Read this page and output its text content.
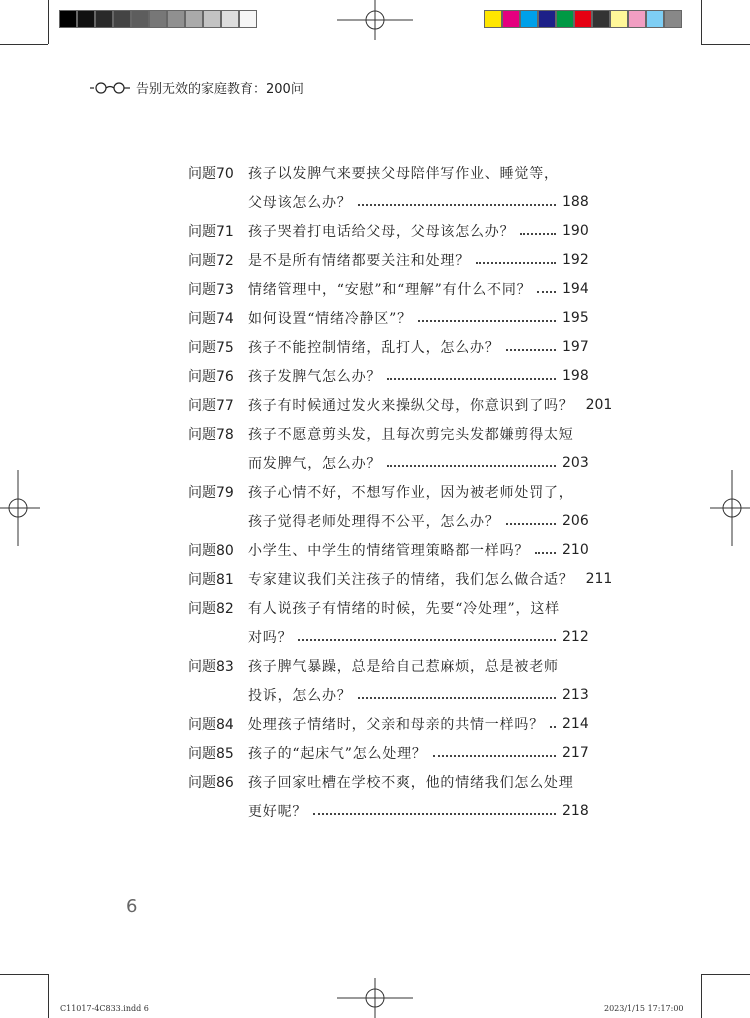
告别无效的家庭教育：200问
问题70	孩子以发脾气来要挟父母陪伴写作业、睡觉等，
父母该怎么办？	188
问题71	孩子哭着打电话给父母，父母该怎么办？	190
问题72	是不是所有情绪都要关注和处理？	192
问题73	情绪管理中，“安慰”和“理解”有什么不同？ 194
问题74	如何设置“情绪冷静区”？	195
问题75	孩子不能控制情绪，乱打人，怎么办？	197
问题76	孩子发脾气怎么办？	198
问题77	孩子有时候通过发火来操纵父母，你意识到了吗？ 201
问题78	孩子不愿意剪头发，且每次剪完头发都嫌剪得太短
而发脾气，怎么办？	203
问题79	孩子心情不好，不想写作业，因为被老师处罚了，
孩子觉得老师处理得不公平，怎么办？	206
问题80	小学生、中学生的情绪管理策略都一样吗？ 210
问题81	专家建议我们关注孩子的情绪，我们怎么做合适？ 211
问题82	有人说孩子有情绪的时候，先要“冷处理”，这样
对吗？	212
问题83	孩子脾气暴躁，总是给自己惹麻烦，总是被老师
投诉，怎么办？	213
问题84	处理孩子情绪时，父亲和母亲的共情一样吗？ 214
问题85	孩子的“起床气”怎么处理？	217
问题86	孩子回家吐槽在学校不爽，他的情绪我们怎么处理
更好呢？	218
6
C11017-4C833.indd 6	2023/1/15 17:17:00
